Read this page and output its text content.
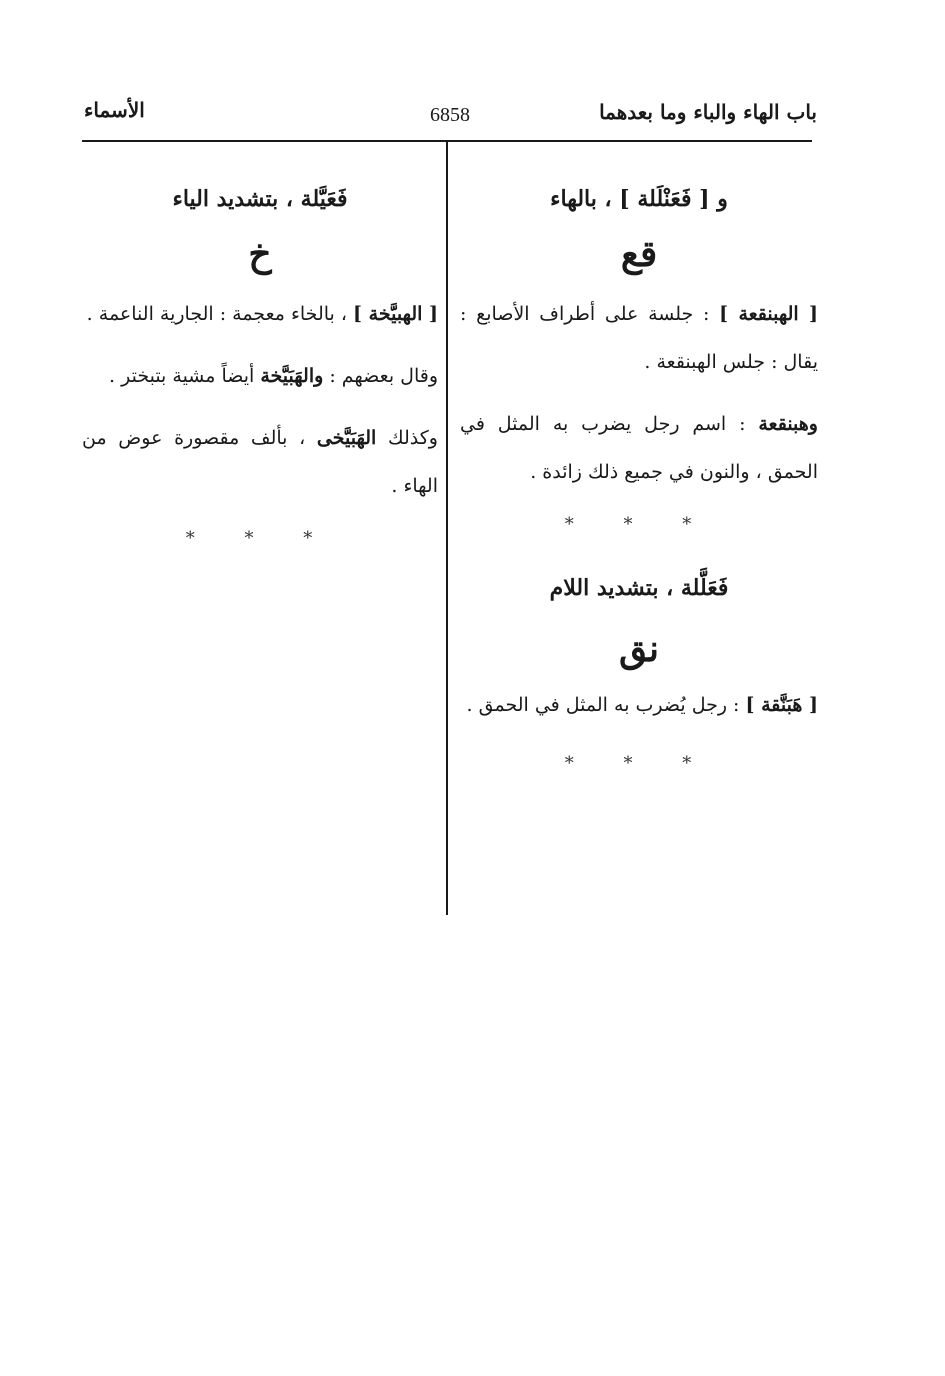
باب الهاء والباء وما بعدهما
6858
الأسماء

و [ فَعَنْلَلة ] ، بالهاء

قع

[ الهبنقعة ] : جلسة على أطراف الأصابع : يقال : جلس الهبنقعة .

وهبنقعة : اسم رجل يضرب به المثل في الحمق ، والنون في جميع ذلك زائدة .

* * *

فَعَلَّلة ، بتشديد اللام

نق

[ هَبَنَّقة ] : رجل يُضرب به المثل في الحمق .

* * *

فَعَيَّلة ، بتشديد الياء

خ

[ الهبيَّخة ] ، بالخاء معجمة : الجارية الناعمة .

وقال بعضهم : والهَبَيَّخة أيضاً مشية بتبختر .

وكذلك الهَبَيَّخى ، بألف مقصورة عوض من الهاء .

* * *
